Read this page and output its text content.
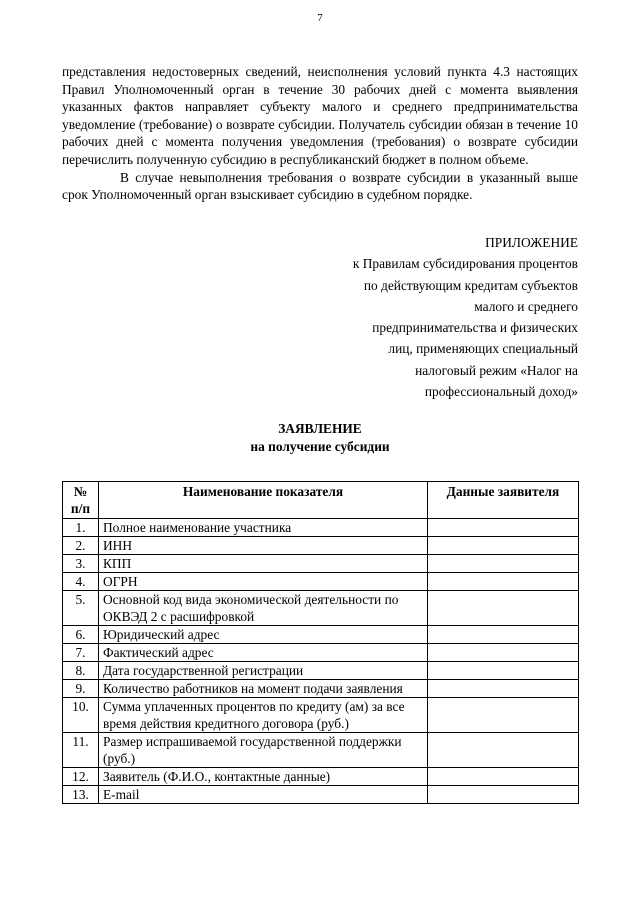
7

представления недостоверных сведений, неисполнения условий пункта 4.3 настоящих Правил Уполномоченный орган в течение 30 рабочих дней с момента выявления указанных фактов направляет субъекту малого и среднего предпринимательства уведомление (требование) о возврате субсидии. Получатель субсидии обязан в течение 10 рабочих дней с момента получения уведомления (требования) о возврате субсидии перечислить полученную субсидию в республиканский бюджет в полном объеме.

В случае невыполнения требования о возврате субсидии в указанный выше срок Уполномоченный орган взыскивает субсидию в судебном порядке.

ПРИЛОЖЕНИЕ
к Правилам субсидирования процентов
по действующим кредитам субъектов
малого и среднего
предпринимательства и физических
лиц, применяющих специальный
налоговый режим «Налог на
профессиональный доход»
ЗАЯВЛЕНИЕ
на получение субсидии
№ п/п	Наименование показателя	Данные заявителя
1.	Полное наименование участника	
2.	ИНН	
3.	КПП	
4.	ОГРН	
5.	Основной код вида экономической деятельности по ОКВЭД 2 с расшифровкой	
6.	Юридический адрес	
7.	Фактический адрес	
8.	Дата государственной регистрации	
9.	Количество работников на момент подачи заявления	
10.	Сумма уплаченных процентов по кредиту (ам) за все время действия кредитного договора (руб.)	
11.	Размер испрашиваемой государственной поддержки (руб.)	
12.	Заявитель (Ф.И.О., контактные данные)	
13.	E-mail	
